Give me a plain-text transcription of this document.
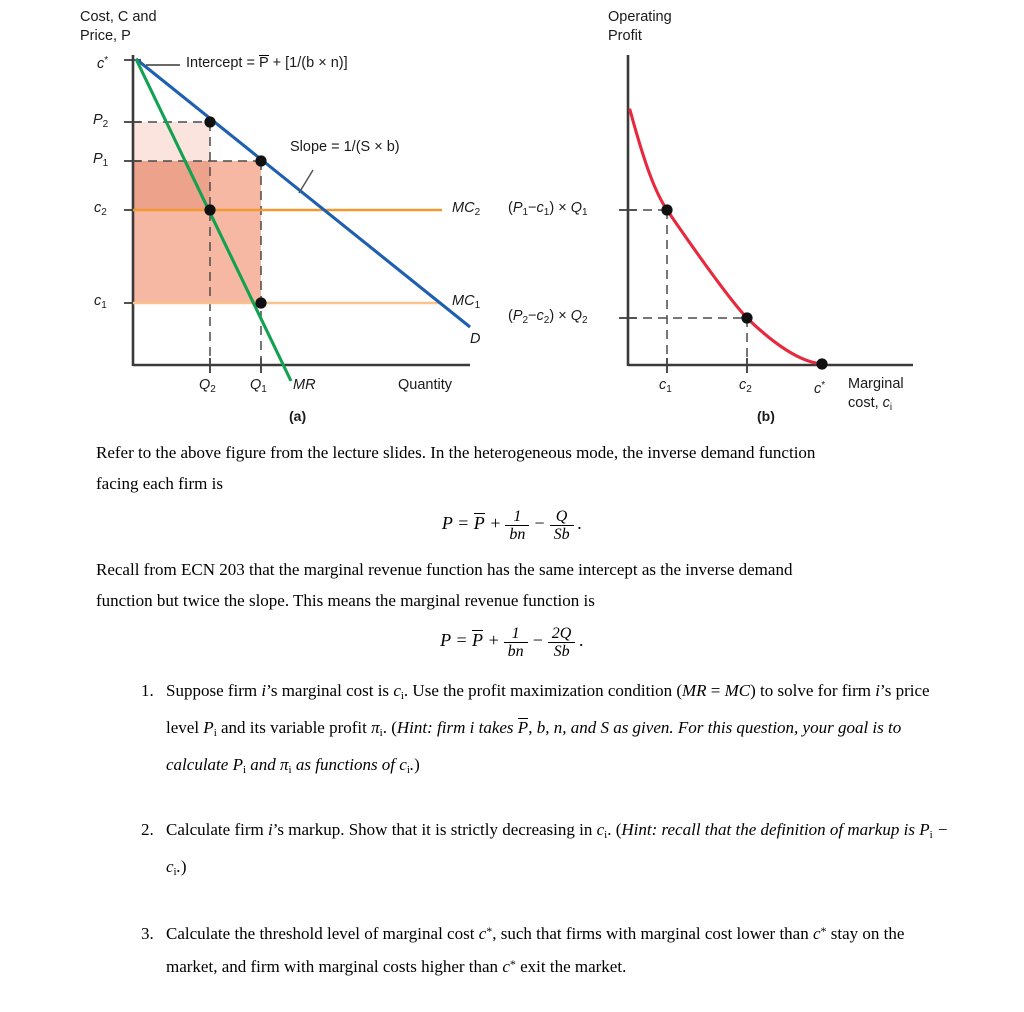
Cost, C and
Price, P
c*
$P_2$
$P_1$
$c_2$
$c_1$
$Q_2$ $Q_1$
Intercept = P + [1/(b × n)]
Slope = 1/(S × b)
$MC_2$
$MC_1$
D
MR	Quantity
(a)
Operating
Profit
$(P_1-c_1) \times Q_1$
$(P_2-c_2) \times Q_2$
$c_1$	$c_2$	c* Marginal
cost, $c_i$
(b)

Refer to the above figure from the lecture slides. In the heterogeneous mode, the inverse demand function

facing each firm is

$P = P + \frac{1}{bn} - \frac{Q}{Sb}$ .

Recall from ECN 203 that the marginal revenue function has the same intercept as the inverse demand

function but twice the slope. This means the marginal revenue function is

$P = P + \frac{1}{bn} - \frac{2Q}{Sb}$ .
1. Suppose firm i’s marginal cost is ci. Use the profit maximization condition (MR = MC) to solve for firm i’s price level Pi and its variable profit πi. (Hint: firm i takes P, b, n, and S as given. For this question, your goal is to calculate Pi and πi as functions of ci.)
2. Calculate firm i’s markup. Show that it is strictly decreasing in ci. (Hint: recall that the definition of markup is Pi − ci.)
3. Calculate the threshold level of marginal cost c*, such that firms with marginal cost lower than c* stay on the market, and firm with marginal costs higher than c* exit the market.
